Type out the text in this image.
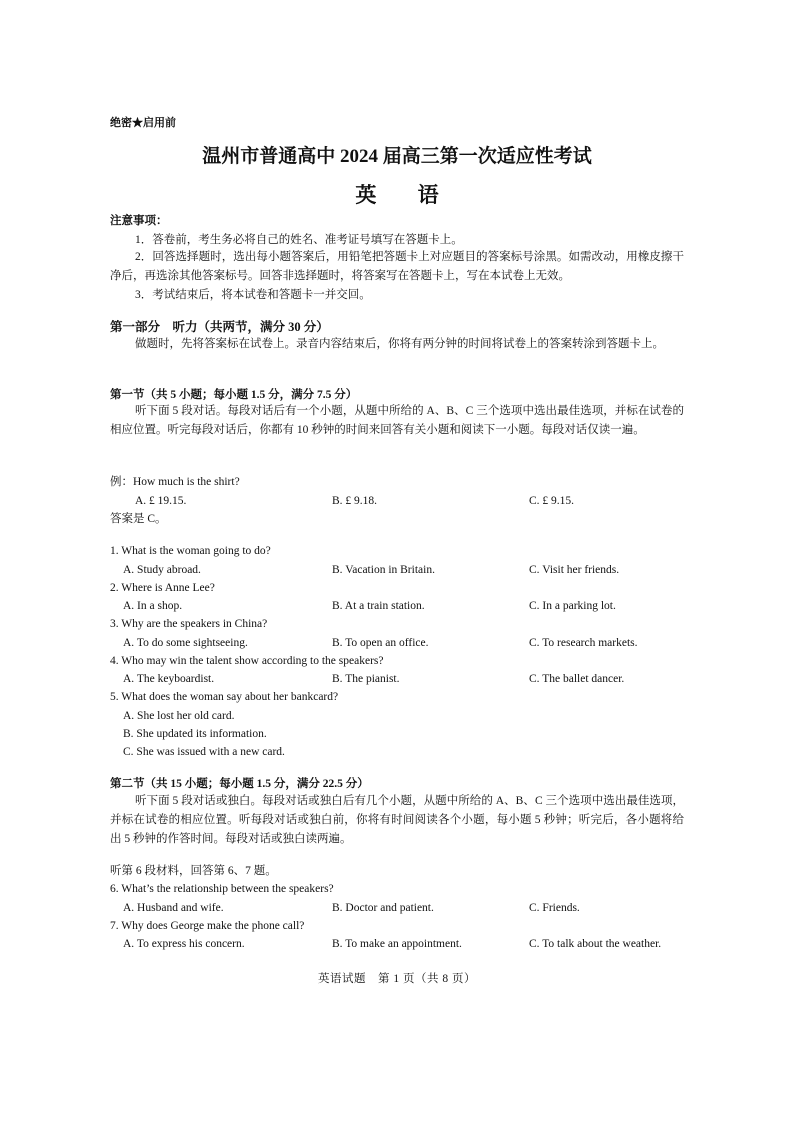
绝密★启用前
温州市普通高中 2024 届高三第一次适应性考试
英 语
注意事项：
1．答卷前，考生务必将自己的姓名、准考证号填写在答题卡上。
2．回答选择题时，选出每小题答案后，用铅笔把答题卡上对应题目的答案标号涂黑。如需改动，用橡皮擦干净后，再选涂其他答案标号。回答非选择题时，将答案写在答题卡上，写在本试卷上无效。
3．考试结束后，将本试卷和答题卡一并交回。
第一部分　听力（共两节，满分 30 分）
做题时，先将答案标在试卷上。录音内容结束后，你将有两分钟的时间将试卷上的答案转涂到答题卡上。
第一节（共 5 小题；每小题 1.5 分，满分 7.5 分）
听下面 5 段对话。每段对话后有一个小题，从题中所给的 A、B、C 三个选项中选出最佳选项，并标在试卷的相应位置。听完每段对话后，你都有 10 秒钟的时间来回答有关小题和阅读下一小题。每段对话仅读一遍。
例：How much is the shirt?
A. £ 19.15.	B. £ 9.18.	C. £ 9.15.
答案是 C。
1. What is the woman going to do?
A. Study abroad.	B. Vacation in Britain.	C. Visit her friends.
2. Where is Anne Lee?
A. In a shop.	B. At a train station.	C. In a parking lot.
3. Why are the speakers in China?
A. To do some sightseeing.	B. To open an office.	C. To research markets.
4. Who may win the talent show according to the speakers?
A. The keyboardist.	B. The pianist.	C. The ballet dancer.
5. What does the woman say about her bankcard?
A. She lost her old card.
B. She updated its information.
C. She was issued with a new card.
第二节（共 15 小题；每小题 1.5 分，满分 22.5 分）
听下面 5 段对话或独白。每段对话或独白后有几个小题，从题中所给的 A、B、C 三个选项中选出最佳选项，并标在试卷的相应位置。听每段对话或独白前，你将有时间阅读各个小题，每小题 5 秒钟；听完后，各小题将给出 5 秒钟的作答时间。每段对话或独白读两遍。
听第 6 段材料，回答第 6、7 题。
6. What’s the relationship between the speakers?
A. Husband and wife.	B. Doctor and patient.	C. Friends.
7. Why does George make the phone call?
A. To express his concern.	B. To make an appointment.	C. To talk about the weather.
英语试题　第 1 页（共 8 页）
